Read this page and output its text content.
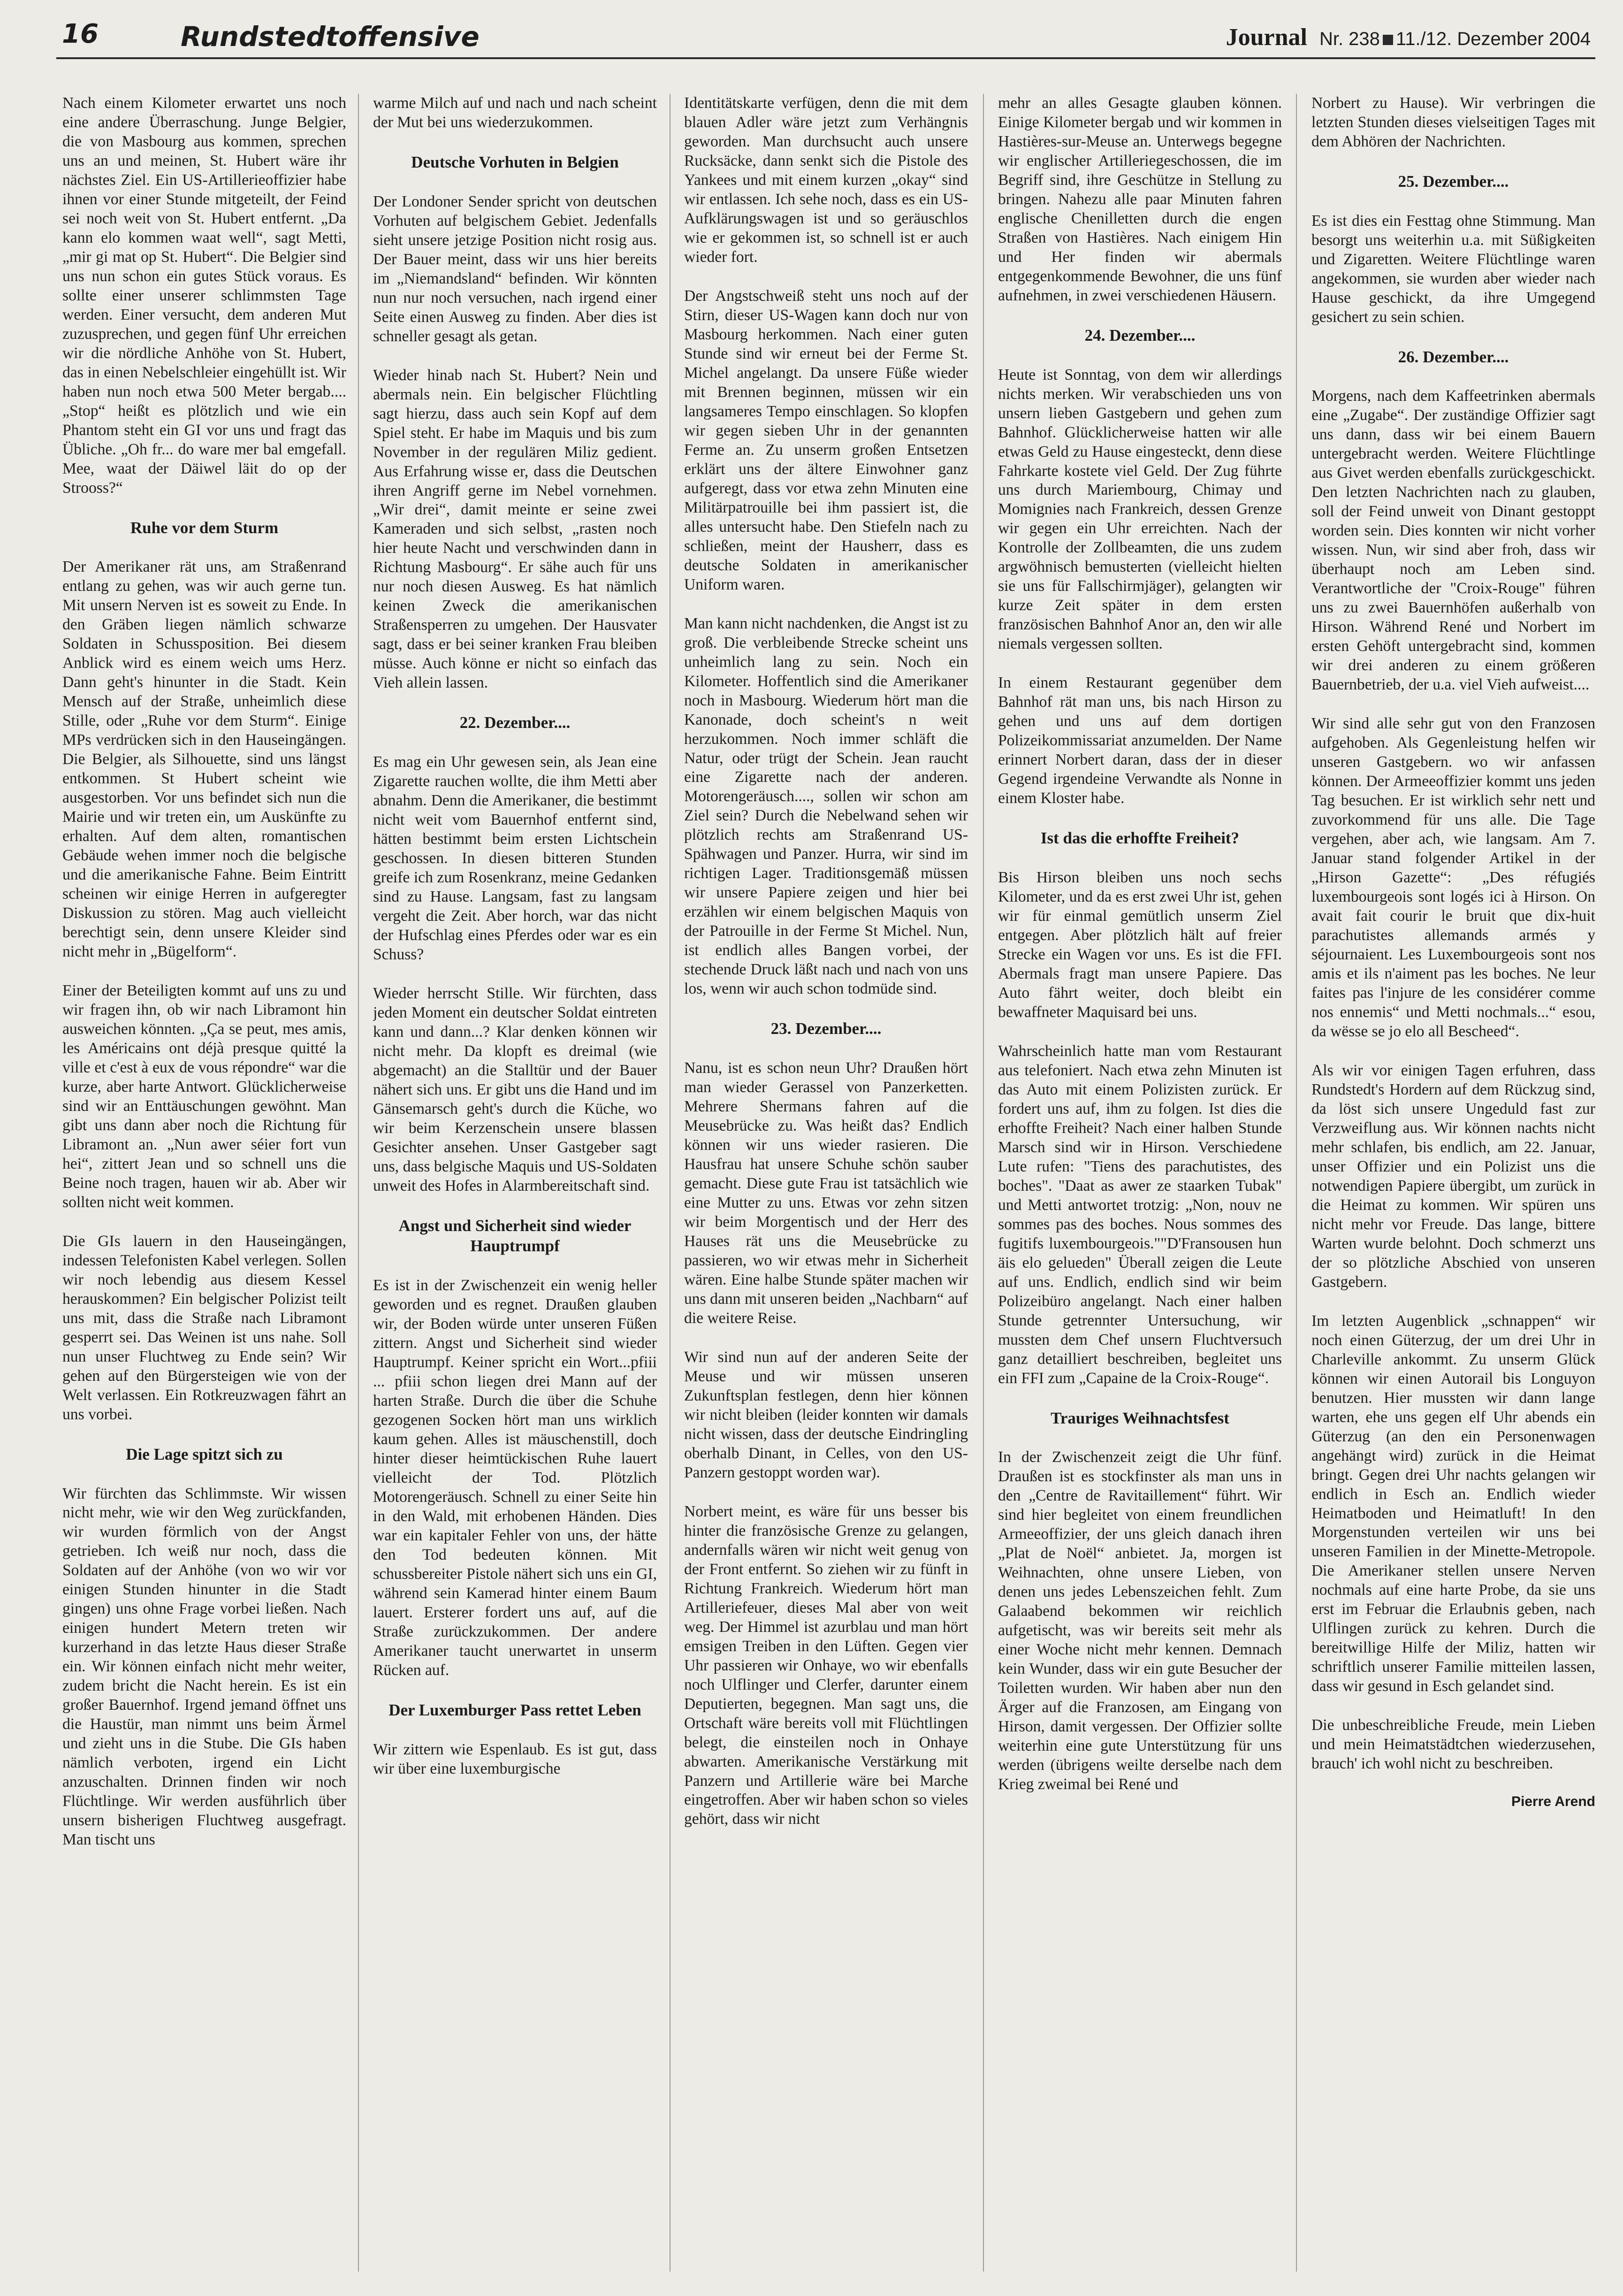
16	Rundstedtoffensive	Journal Nr. 238 11./12. Dezember 2004

Nach einem Kilometer erwartet uns noch eine andere Überraschung. Junge Belgier, die von Masbourg aus kommen, sprechen uns an und meinen, St. Hubert wäre ihr nächstes Ziel. Ein US-Artillerieoffizier habe ihnen vor einer Stunde mitgeteilt, der Feind sei noch weit von St. Hubert entfernt. „Da kann elo kommen waat well“, sagt Metti, „mir gi mat op St. Hubert“. Die Belgier sind uns nun schon ein gutes Stück voraus. Es sollte einer unserer schlimmsten Tage werden. Einer versucht, dem anderen Mut zuzusprechen, und gegen fünf Uhr erreichen wir die nördliche Anhöhe von St. Hubert, das in einen Nebelschleier eingehüllt ist. Wir haben nun noch etwa 500 Meter bergab.... „Stop“ heißt es plötzlich und wie ein Phantom steht ein GI vor uns und fragt das Übliche. „Oh fr... do ware mer bal emgefall. Mee, waat der Däiwel läit do op der Strooss?“

Ruhe vor dem Sturm

Der Amerikaner rät uns, am Straßenrand entlang zu gehen, was wir auch gerne tun. Mit unsern Nerven ist es soweit zu Ende. In den Gräben liegen nämlich schwarze Soldaten in Schussposition. Bei diesem Anblick wird es einem weich ums Herz. Dann geht's hinunter in die Stadt. Kein Mensch auf der Straße, unheimlich diese Stille, oder „Ruhe vor dem Sturm“. Einige MPs verdrücken sich in den Hauseingängen. Die Belgier, als Silhouette, sind uns längst entkommen. St Hubert scheint wie ausgestorben. Vor uns befindet sich nun die Mairie und wir treten ein, um Auskünfte zu erhalten. Auf dem alten, romantischen Gebäude wehen immer noch die belgische und die amerikanische Fahne. Beim Eintritt scheinen wir einige Herren in aufgeregter Diskussion zu stören. Mag auch vielleicht berechtigt sein, denn unsere Kleider sind nicht mehr in „Bügelform“.

Einer der Beteiligten kommt auf uns zu und wir fragen ihn, ob wir nach Libramont hin ausweichen könnten. „Ça se peut, mes amis, les Américains ont déjà presque quitté la ville et c'est à eux de vous répondre“ war die kurze, aber harte Antwort. Glücklicherweise sind wir an Enttäuschungen gewöhnt. Man gibt uns dann aber noch die Richtung für Libramont an. „Nun awer séier fort vun hei“, zittert Jean und so schnell uns die Beine noch tragen, hauen wir ab. Aber wir sollten nicht weit kommen.

Die GIs lauern in den Hauseingängen, indessen Telefonisten Kabel verlegen. Sollen wir noch lebendig aus diesem Kessel herauskommen? Ein belgischer Polizist teilt uns mit, dass die Straße nach Libramont gesperrt sei. Das Weinen ist uns nahe. Soll nun unser Fluchtweg zu Ende sein? Wir gehen auf den Bürgersteigen wie von der Welt verlassen. Ein Rotkreuzwagen fährt an uns vorbei.

Die Lage spitzt sich zu

Wir fürchten das Schlimmste. Wir wissen nicht mehr, wie wir den Weg zurückfanden, wir wurden förmlich von der Angst getrieben. Ich weiß nur noch, dass die Soldaten auf der Anhöhe (von wo wir vor einigen Stunden hinunter in die Stadt gingen) uns ohne Frage vorbei ließen. Nach einigen hundert Metern treten wir kurzerhand in das letzte Haus dieser Straße ein. Wir können einfach nicht mehr weiter, zudem bricht die Nacht herein. Es ist ein großer Bauernhof. Irgend jemand öffnet uns die Haustür, man nimmt uns beim Ärmel und zieht uns in die Stube. Die GIs haben nämlich verboten, irgend ein Licht anzuschalten. Drinnen finden wir noch Flüchtlinge. Wir werden ausführlich über unsern bisherigen Fluchtweg ausgefragt. Man tischt uns

warme Milch auf und nach und nach scheint der Mut bei uns wiederzukommen.

Deutsche Vorhuten in Belgien

Der Londoner Sender spricht von deutschen Vorhuten auf belgischem Gebiet. Jedenfalls sieht unsere jetzige Position nicht rosig aus. Der Bauer meint, dass wir uns hier bereits im „Niemandsland“ befinden. Wir könnten nun nur noch versuchen, nach irgend einer Seite einen Ausweg zu finden. Aber dies ist schneller gesagt als getan.

Wieder hinab nach St. Hubert? Nein und abermals nein. Ein belgischer Flüchtling sagt hierzu, dass auch sein Kopf auf dem Spiel steht. Er habe im Maquis und bis zum November in der regulären Miliz gedient. Aus Erfahrung wisse er, dass die Deutschen ihren Angriff gerne im Nebel vornehmen. „Wir drei“, damit meinte er seine zwei Kameraden und sich selbst, „rasten noch hier heute Nacht und verschwinden dann in Richtung Masbourg“. Er sähe auch für uns nur noch diesen Ausweg. Es hat nämlich keinen Zweck die amerikanischen Straßensperren zu umgehen. Der Hausvater sagt, dass er bei seiner kranken Frau bleiben müsse. Auch könne er nicht so einfach das Vieh allein lassen.

22. Dezember....

Es mag ein Uhr gewesen sein, als Jean eine Zigarette rauchen wollte, die ihm Metti aber abnahm. Denn die Amerikaner, die bestimmt nicht weit vom Bauernhof entfernt sind, hätten bestimmt beim ersten Lichtschein geschossen. In diesen bitteren Stunden greife ich zum Rosenkranz, meine Gedanken sind zu Hause. Langsam, fast zu langsam vergeht die Zeit. Aber horch, war das nicht der Hufschlag eines Pferdes oder war es ein Schuss?

Wieder herrscht Stille. Wir fürchten, dass jeden Moment ein deutscher Soldat eintreten kann und dann...? Klar denken können wir nicht mehr. Da klopft es dreimal (wie abgemacht) an die Stalltür und der Bauer nähert sich uns. Er gibt uns die Hand und im Gänsemarsch geht's durch die Küche, wo wir beim Kerzenschein unsere blassen Gesichter ansehen. Unser Gastgeber sagt uns, dass belgische Maquis und US-Soldaten unweit des Hofes in Alarmbereitschaft sind.

Angst und Sicherheit sind wieder Hauptrumpf

Es ist in der Zwischenzeit ein wenig heller geworden und es regnet. Draußen glauben wir, der Boden würde unter unseren Füßen zittern. Angst und Sicherheit sind wieder Hauptrumpf. Keiner spricht ein Wort...pfiii ... pfiii schon liegen drei Mann auf der harten Straße. Durch die über die Schuhe gezogenen Socken hört man uns wirklich kaum gehen. Alles ist mäuschenstill, doch hinter dieser heimtückischen Ruhe lauert vielleicht der Tod. Plötzlich Motorengeräusch. Schnell zu einer Seite hin in den Wald, mit erhobenen Händen. Dies war ein kapitaler Fehler von uns, der hätte den Tod bedeuten können. Mit schussbereiter Pistole nähert sich uns ein GI, während sein Kamerad hinter einem Baum lauert. Ersterer fordert uns auf, auf die Straße zurückzukommen. Der andere Amerikaner taucht unerwartet in unserm Rücken auf.

Der Luxemburger Pass rettet Leben

Wir zittern wie Espenlaub. Es ist gut, dass wir über eine luxemburgische

Identitätskarte verfügen, denn die mit dem blauen Adler wäre jetzt zum Verhängnis geworden. Man durchsucht auch unsere Rucksäcke, dann senkt sich die Pistole des Yankees und mit einem kurzen „okay“ sind wir entlassen. Ich sehe noch, dass es ein US-Aufklärungswagen ist und so geräuschlos wie er gekommen ist, so schnell ist er auch wieder fort.

Der Angstschweiß steht uns noch auf der Stirn, dieser US-Wagen kann doch nur von Masbourg herkommen. Nach einer guten Stunde sind wir erneut bei der Ferme St. Michel angelangt. Da unsere Füße wieder mit Brennen beginnen, müssen wir ein langsameres Tempo einschlagen. So klopfen wir gegen sieben Uhr in der genannten Ferme an. Zu unserm großen Entsetzen erklärt uns der ältere Einwohner ganz aufgeregt, dass vor etwa zehn Minuten eine Militärpatrouille bei ihm passiert ist, die alles untersucht habe. Den Stiefeln nach zu schließen, meint der Hausherr, dass es deutsche Soldaten in amerikanischer Uniform waren.

Man kann nicht nachdenken, die Angst ist zu groß. Die verbleibende Strecke scheint uns unheimlich lang zu sein. Noch ein Kilometer. Hoffentlich sind die Amerikaner noch in Masbourg. Wiederum hört man die Kanonade, doch scheint's n weit herzukommen. Noch immer schläft die Natur, oder trügt der Schein. Jean raucht eine Zigarette nach der anderen. Motorengeräusch...., sollen wir schon am Ziel sein? Durch die Nebelwand sehen wir plötzlich rechts am Straßenrand US-Spähwagen und Panzer. Hurra, wir sind im richtigen Lager. Traditionsgemäß müssen wir unsere Papiere zeigen und hier bei erzählen wir einem belgischen Maquis von der Patrouille in der Ferme St Michel. Nun, ist endlich alles Bangen vorbei, der stechende Druck läßt nach und nach von uns los, wenn wir auch schon todmüde sind.

23. Dezember....

Nanu, ist es schon neun Uhr? Draußen hört man wieder Gerassel von Panzerketten. Mehrere Shermans fahren auf die Meusebrücke zu. Was heißt das? Endlich können wir uns wieder rasieren. Die Hausfrau hat unsere Schuhe schön sauber gemacht. Diese gute Frau ist tatsächlich wie eine Mutter zu uns. Etwas vor zehn sitzen wir beim Morgentisch und der Herr des Hauses rät uns die Meusebrücke zu passieren, wo wir etwas mehr in Sicherheit wären. Eine halbe Stunde später machen wir uns dann mit unseren beiden „Nachbarn“ auf die weitere Reise.

Wir sind nun auf der anderen Seite der Meuse und wir müssen unseren Zukunftsplan festlegen, denn hier können wir nicht bleiben (leider konnten wir damals nicht wissen, dass der deutsche Eindringling oberhalb Dinant, in Celles, von den US-Panzern gestoppt worden war).

Norbert meint, es wäre für uns besser bis hinter die französische Grenze zu gelangen, andernfalls wären wir nicht weit genug von der Front entfernt. So ziehen wir zu fünft in Richtung Frankreich. Wiederum hört man Artilleriefeuer, dieses Mal aber von weit weg. Der Himmel ist azurblau und man hört emsigen Treiben in den Lüften. Gegen vier Uhr passieren wir Onhaye, wo wir ebenfalls noch Ulflinger und Clerfer, darunter einem Deputierten, begegnen. Man sagt uns, die Ortschaft wäre bereits voll mit Flüchtlingen belegt, die einsteilen noch in Onhaye abwarten. Amerikanische Verstärkung mit Panzern und Artillerie wäre bei Marche eingetroffen. Aber wir haben schon so vieles gehört, dass wir nicht

mehr an alles Gesagte glauben können. Einige Kilometer bergab und wir kommen in Hastières-sur-Meuse an. Unterwegs begegne wir englischer Artilleriegeschossen, die im Begriff sind, ihre Geschütze in Stellung zu bringen. Nahezu alle paar Minuten fahren englische Chenilletten durch die engen Straßen von Hastières. Nach einigem Hin und Her finden wir abermals entgegenkommende Bewohner, die uns fünf aufnehmen, in zwei verschiedenen Häusern.

24. Dezember....

Heute ist Sonntag, von dem wir allerdings nichts merken. Wir verabschieden uns von unsern lieben Gastgebern und gehen zum Bahnhof. Glücklicherweise hatten wir alle etwas Geld zu Hause eingesteckt, denn diese Fahrkarte kostete viel Geld. Der Zug führte uns durch Mariembourg, Chimay und Momignies nach Frankreich, dessen Grenze wir gegen ein Uhr erreichten. Nach der Kontrolle der Zollbeamten, die uns zudem argwöhnisch bemusterten (vielleicht hielten sie uns für Fallschirmjäger), gelangten wir kurze Zeit später in dem ersten französischen Bahnhof Anor an, den wir alle niemals vergessen sollten.

In einem Restaurant gegenüber dem Bahnhof rät man uns, bis nach Hirson zu gehen und uns auf dem dortigen Polizeikommissariat anzumelden. Der Name erinnert Norbert daran, dass der in dieser Gegend irgendeine Verwandte als Nonne in einem Kloster habe.

Ist das die erhoffte Freiheit?

Bis Hirson bleiben uns noch sechs Kilometer, und da es erst zwei Uhr ist, gehen wir für einmal gemütlich unserm Ziel entgegen. Aber plötzlich hält auf freier Strecke ein Wagen vor uns. Es ist die FFI. Abermals fragt man unsere Papiere. Das Auto fährt weiter, doch bleibt ein bewaffneter Maquisard bei uns.

Wahrscheinlich hatte man vom Restaurant aus telefoniert. Nach etwa zehn Minuten ist das Auto mit einem Polizisten zurück. Er fordert uns auf, ihm zu folgen. Ist dies die erhoffte Freiheit? Nach einer halben Stunde Marsch sind wir in Hirson. Verschiedene Lute rufen: "Tiens des parachutistes, des boches". "Daat as awer ze staarken Tubak" und Metti antwortet trotzig: „Non, nouv ne sommes pas des boches. Nous sommes des fugitifs luxembourgeois.""D'Fransousen hun äis elo gelueden" Überall zeigen die Leute auf uns. Endlich, endlich sind wir beim Polizeibüro angelangt. Nach einer halben Stunde getrennter Untersuchung, wir mussten dem Chef unsern Fluchtversuch ganz detailliert beschreiben, begleitet uns ein FFI zum „Capaine de la Croix-Rouge“.

Trauriges Weihnachtsfest

In der Zwischenzeit zeigt die Uhr fünf. Draußen ist es stockfinster als man uns in den „Centre de Ravitaillement“ führt. Wir sind hier begleitet von einem freundlichen Armeeoffizier, der uns gleich danach ihren „Plat de Noël“ anbietet. Ja, morgen ist Weihnachten, ohne unsere Lieben, von denen uns jedes Lebenszeichen fehlt. Zum Galaabend bekommen wir reichlich aufgetischt, was wir bereits seit mehr als einer Woche nicht mehr kennen. Demnach kein Wunder, dass wir ein gute Besucher der Toiletten wurden. Wir haben aber nun den Ärger auf die Franzosen, am Eingang von Hirson, damit vergessen. Der Offizier sollte weiterhin eine gute Unterstützung für uns werden (übrigens weilte derselbe nach dem Krieg zweimal bei René und

Norbert zu Hause). Wir verbringen die letzten Stunden dieses vielseitigen Tages mit dem Abhören der Nachrichten.

25. Dezember....

Es ist dies ein Festtag ohne Stimmung. Man besorgt uns weiterhin u.a. mit Süßigkeiten und Zigaretten. Weitere Flüchtlinge waren angekommen, sie wurden aber wieder nach Hause geschickt, da ihre Umgegend gesichert zu sein schien.

26. Dezember....

Morgens, nach dem Kaffeetrinken abermals eine „Zugabe“. Der zuständige Offizier sagt uns dann, dass wir bei einem Bauern untergebracht werden. Weitere Flüchtlinge aus Givet werden ebenfalls zurückgeschickt. Den letzten Nachrichten nach zu glauben, soll der Feind unweit von Dinant gestoppt worden sein. Dies konnten wir nicht vorher wissen. Nun, wir sind aber froh, dass wir überhaupt noch am Leben sind. Verantwortliche der "Croix-Rouge" führen uns zu zwei Bauernhöfen außerhalb von Hirson. Während René und Norbert im ersten Gehöft untergebracht sind, kommen wir drei anderen zu einem größeren Bauernbetrieb, der u.a. viel Vieh aufweist....

Wir sind alle sehr gut von den Franzosen aufgehoben. Als Gegenleistung helfen wir unseren Gastgebern. wo wir anfassen können. Der Armeeoffizier kommt uns jeden Tag besuchen. Er ist wirklich sehr nett und zuvorkommend für uns alle. Die Tage vergehen, aber ach, wie langsam. Am 7. Januar stand folgender Artikel in der „Hirson Gazette“: „Des réfugiés luxembourgeois sont logés ici à Hirson. On avait fait courir le bruit que dix-huit parachutistes allemands armés y séjournaient. Les Luxembourgeois sont nos amis et ils n'aiment pas les boches. Ne leur faites pas l'injure de les considérer comme nos ennemis“ und Metti nochmals...“ esou, da wësse se jo elo all Bescheed“.

Als wir vor einigen Tagen erfuhren, dass Rundstedt's Hordern auf dem Rückzug sind, da löst sich unsere Ungeduld fast zur Verzweiflung aus. Wir können nachts nicht mehr schlafen, bis endlich, am 22. Januar, unser Offizier und ein Polizist uns die notwendigen Papiere übergibt, um zurück in die Heimat zu kommen. Wir spüren uns nicht mehr vor Freude. Das lange, bittere Warten wurde belohnt. Doch schmerzt uns der so plötzliche Abschied von unseren Gastgebern.

Im letzten Augenblick „schnappen“ wir noch einen Güterzug, der um drei Uhr in Charleville ankommt. Zu unserm Glück können wir einen Autorail bis Longuyon benutzen. Hier mussten wir dann lange warten, ehe uns gegen elf Uhr abends ein Güterzug (an den ein Personenwagen angehängt wird) zurück in die Heimat bringt. Gegen drei Uhr nachts gelangen wir endlich in Esch an. Endlich wieder Heimatboden und Heimatluft! In den Morgenstunden verteilen wir uns bei unseren Familien in der Minette-Metropole. Die Amerikaner stellen unsere Nerven nochmals auf eine harte Probe, da sie uns erst im Februar die Erlaubnis geben, nach Ulflingen zurück zu kehren. Durch die bereitwillige Hilfe der Miliz, hatten wir schriftlich unserer Familie mitteilen lassen, dass wir gesund in Esch gelandet sind.

Die unbeschreibliche Freude, mein Lieben und mein Heimatstädtchen wiederzusehen, brauch' ich wohl nicht zu beschreiben.

Pierre Arend
